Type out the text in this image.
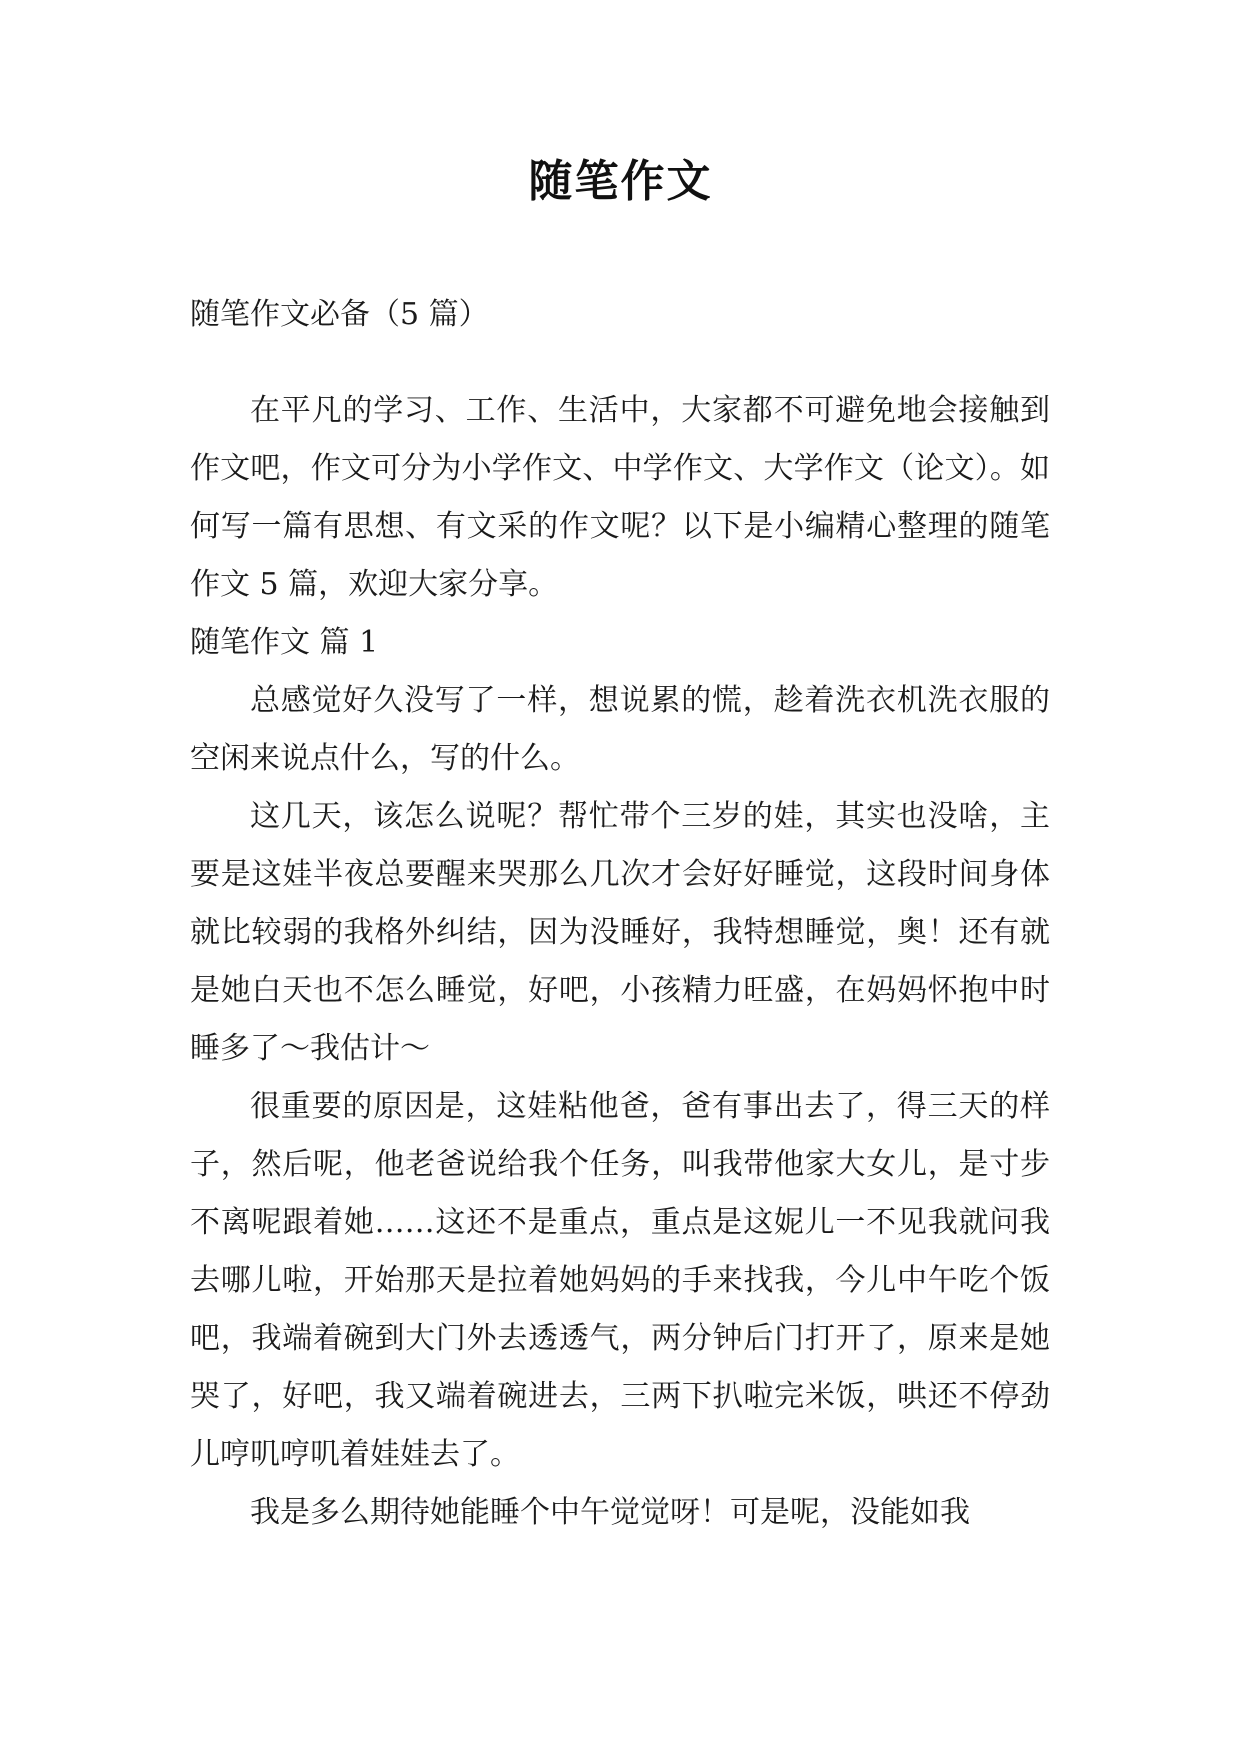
随笔作文

随笔作文必备（5 篇）

在平凡的学习、工作、生活中，大家都不可避免地会接触到作文吧，作文可分为小学作文、中学作文、大学作文（论文）。如何写一篇有思想、有文采的作文呢？以下是小编精心整理的随笔作文 5 篇，欢迎大家分享。

随笔作文 篇 1

总感觉好久没写了一样，想说累的慌，趁着洗衣机洗衣服的空闲来说点什么，写的什么。

这几天，该怎么说呢？帮忙带个三岁的娃，其实也没啥，主要是这娃半夜总要醒来哭那么几次才会好好睡觉，这段时间身体就比较弱的我格外纠结，因为没睡好，我特想睡觉，奥！还有就是她白天也不怎么睡觉，好吧，小孩精力旺盛，在妈妈怀抱中时睡多了～我估计～

很重要的原因是，这娃粘他爸，爸有事出去了，得三天的样子，然后呢，他老爸说给我个任务，叫我带他家大女儿，是寸步不离呢跟着她……这还不是重点，重点是这妮儿一不见我就问我去哪儿啦，开始那天是拉着她妈妈的手来找我，今儿中午吃个饭吧，我端着碗到大门外去透透气，两分钟后门打开了，原来是她哭了，好吧，我又端着碗进去，三两下扒啦完米饭，哄还不停劲儿哼叽哼叽着娃娃去了。

我是多么期待她能睡个中午觉觉呀！可是呢，没能如我
